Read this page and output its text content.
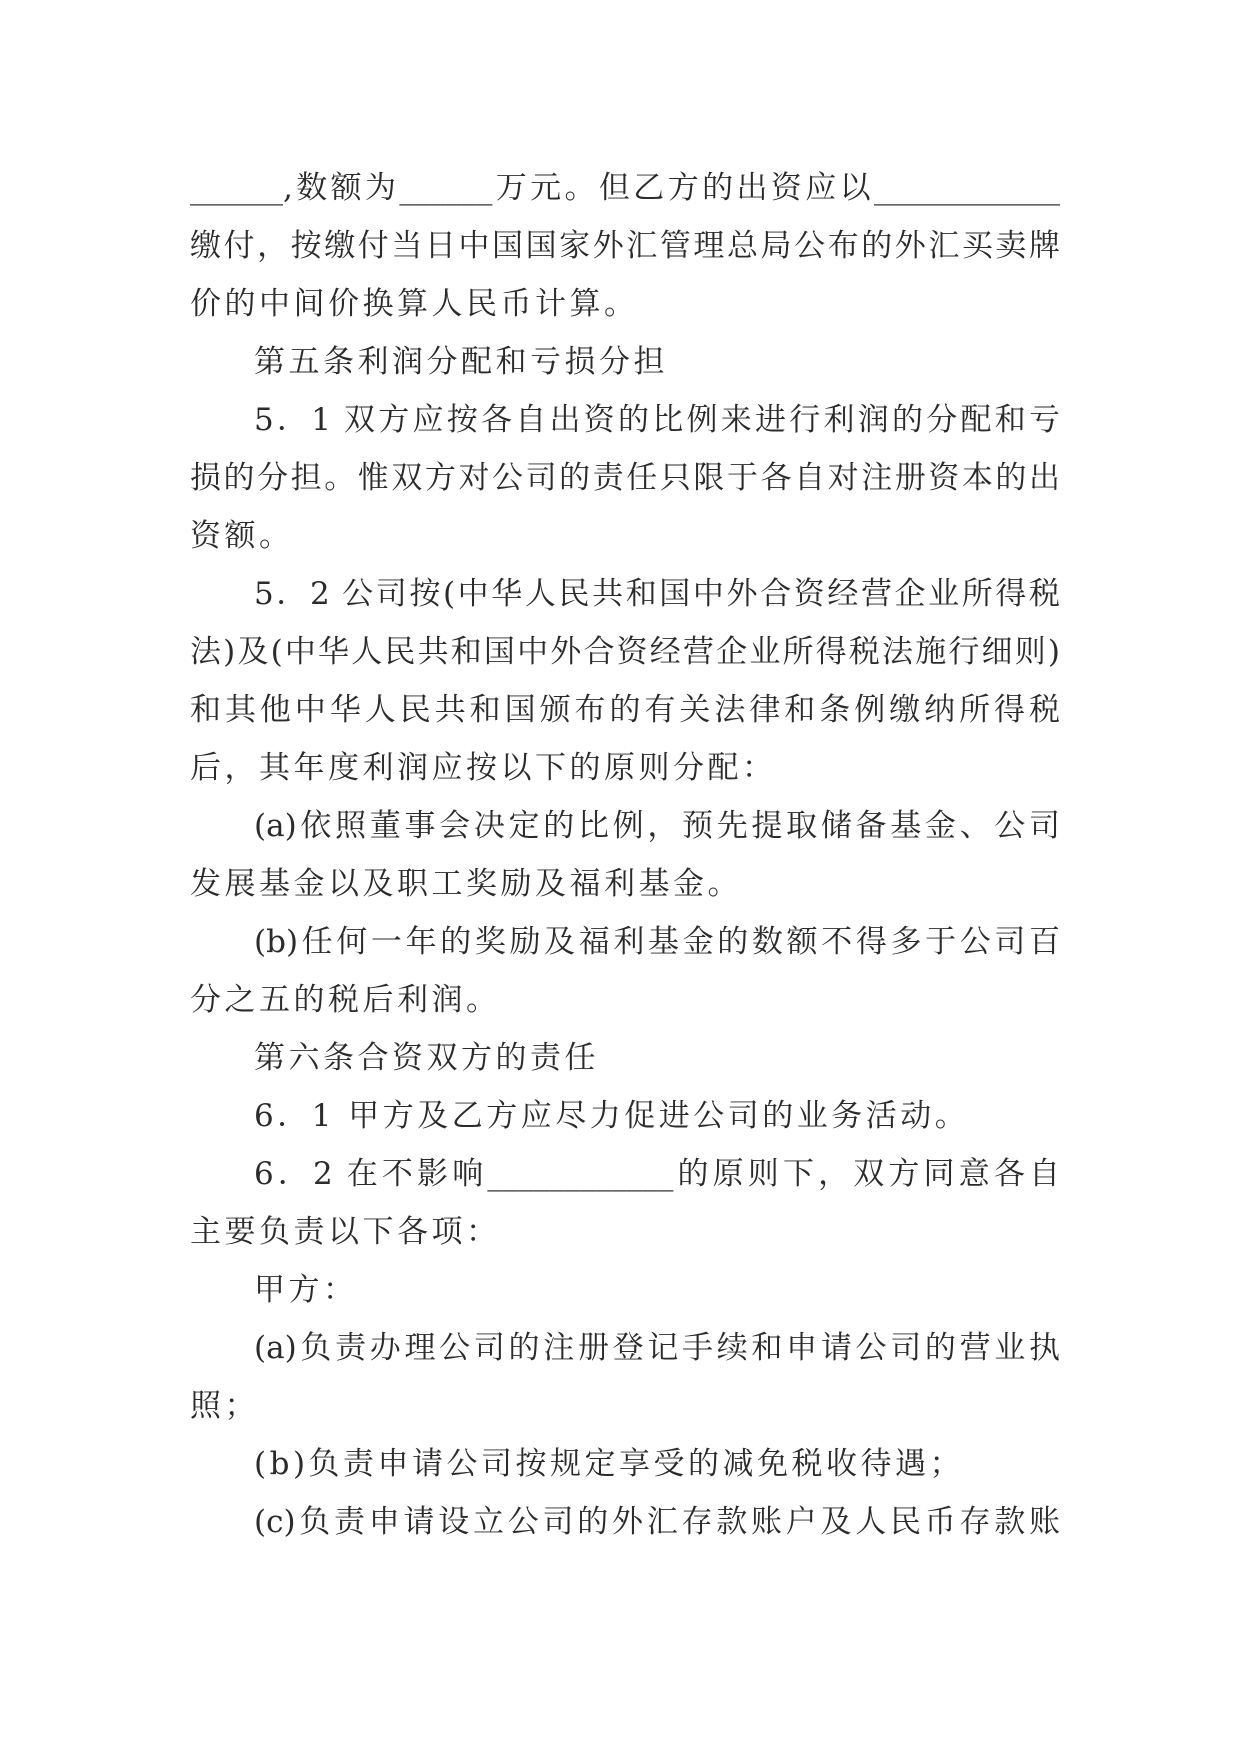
______,数额为______万元。但乙方的出资应以____________
缴付，按缴付当日中国国家外汇管理总局公布的外汇买卖牌
价的中间价换算人民币计算。
第五条利润分配和亏损分担
5．1 双方应按各自出资的比例来进行利润的分配和亏
损的分担。惟双方对公司的责任只限于各自对注册资本的出
资额。
5．2 公司按(中华人民共和国中外合资经营企业所得税
法)及(中华人民共和国中外合资经营企业所得税法施行细则)
和其他中华人民共和国颁布的有关法律和条例缴纳所得税
后，其年度利润应按以下的原则分配：
(a)依照董事会决定的比例，预先提取储备基金、公司
发展基金以及职工奖励及福利基金。
(b)任何一年的奖励及福利基金的数额不得多于公司百
分之五的税后利润。
第六条合资双方的责任
6．1 甲方及乙方应尽力促进公司的业务活动。
6．2 在不影响____________的原则下，双方同意各自
主要负责以下各项：
甲方：
(a)负责办理公司的注册登记手续和申请公司的营业执
照；
(b)负责申请公司按规定享受的减免税收待遇；
(c)负责申请设立公司的外汇存款账户及人民币存款账
